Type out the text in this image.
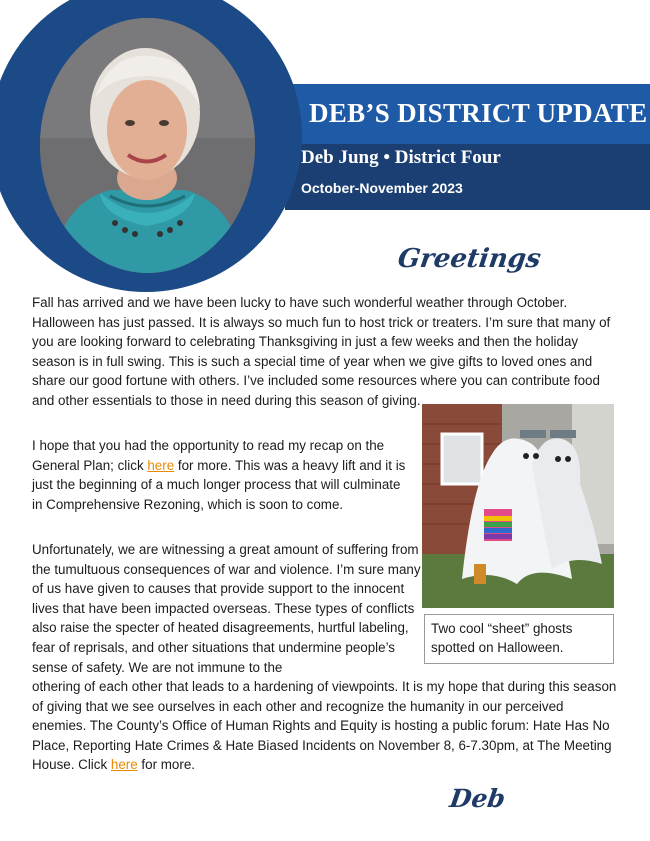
DEB’S DISTRICT UPDATE
Deb Jung • District Four
October-November 2023
Greetings
Fall has arrived and we have been lucky to have such wonderful weather through October. Halloween has just passed. It is always so much fun to host trick or treaters. I’m sure that many of you are looking forward to celebrating Thanksgiving in just a few weeks and then the holiday season is in full swing. This is such a special time of year when we give gifts to loved ones and share our good fortune with others. I’ve included some resources where you can contribute food and other essentials to those in need during this season of giving.
I hope that you had the opportunity to read my recap on the General Plan; click here for more. This was a heavy lift and it is just the beginning of a much longer process that will culminate in Comprehensive Rezoning, which is soon to come.
Unfortunately, we are witnessing a great amount of suffering from the tumultuous consequences of war and violence. I’m sure many of us have given to causes that provide support to the innocent lives that have been impacted overseas. These types of conflicts also raise the specter of heated disagreements, hurtful labeling, fear of reprisals, and other situations that undermine people’s sense of safety. We are not immune to the
othering of each other that leads to a hardening of viewpoints. It is my hope that during this season of giving that we see ourselves in each other and recognize the humanity in our perceived enemies. The County’s Office of Human Rights and Equity is hosting a public forum: Hate Has No Place, Reporting Hate Crimes & Hate Biased Incidents on November 8, 6-7.30pm, at The Meeting House. Click here for more.
Two cool “sheet” ghosts spotted on Halloween.
Deb
